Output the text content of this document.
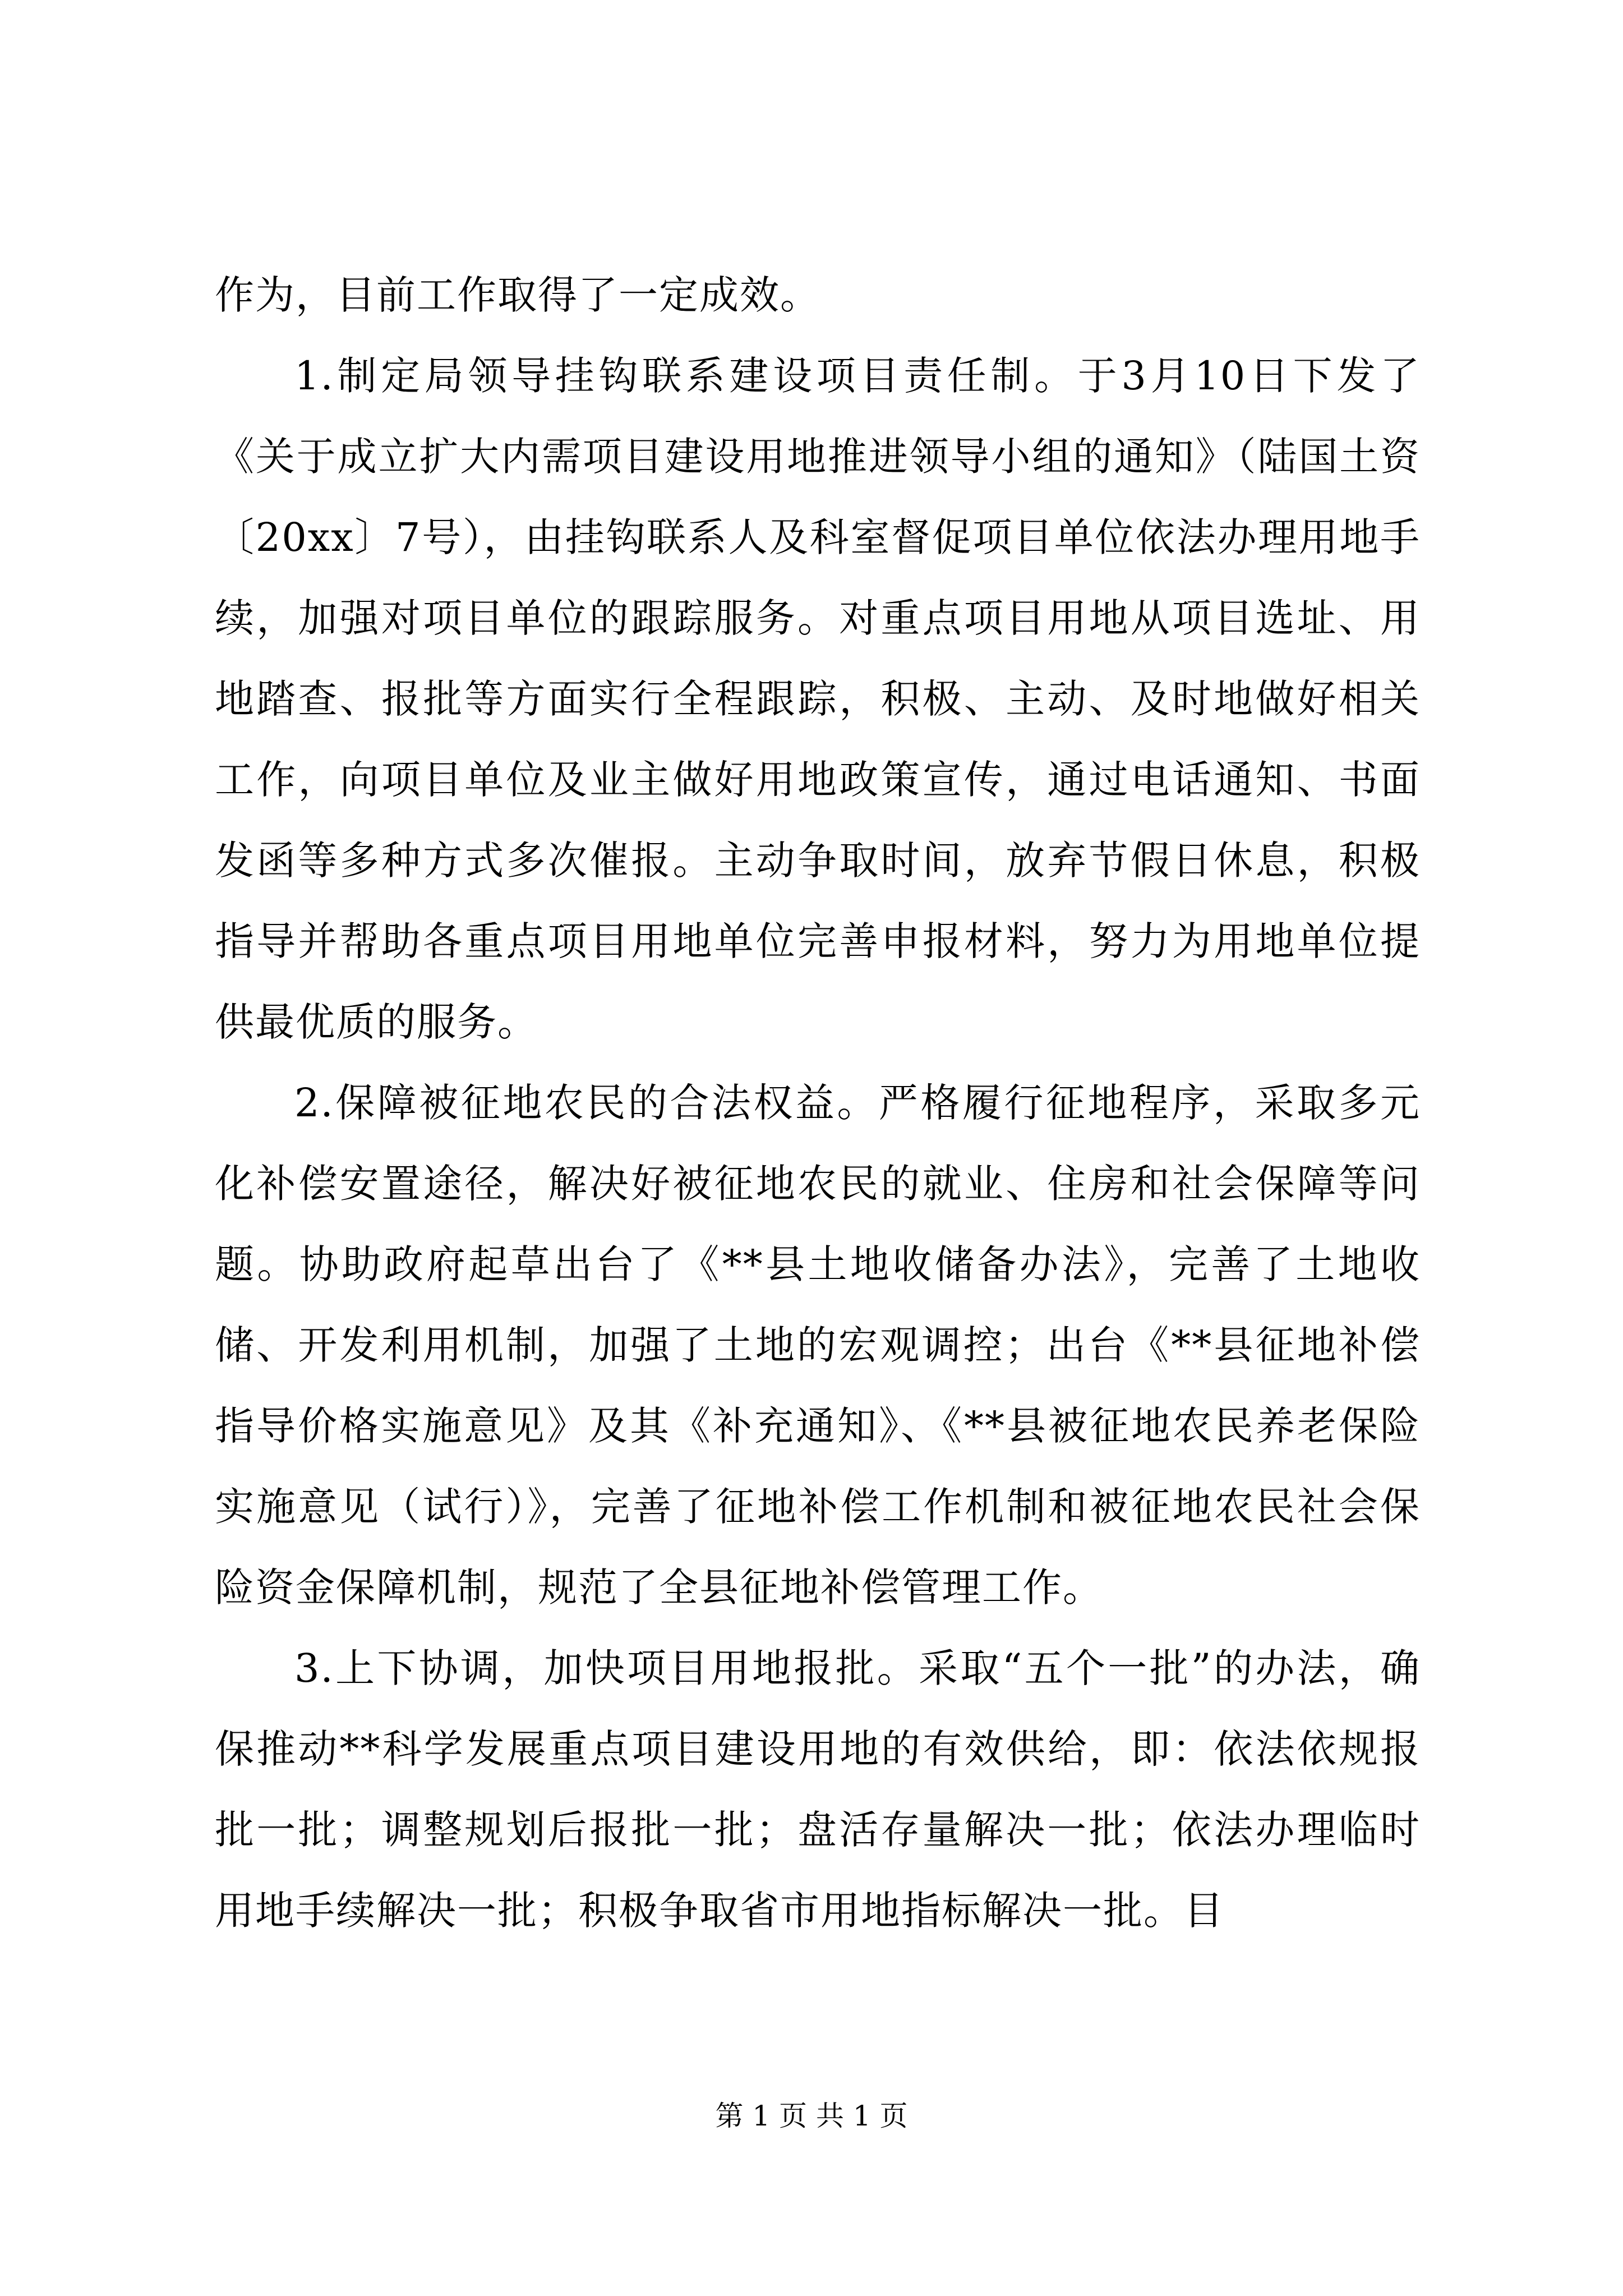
作为，目前工作取得了一定成效。

1.制定局领导挂钩联系建设项目责任制。于3月10日下发了《关于成立扩大内需项目建设用地推进领导小组的通知》（陆国土资〔20xx〕7号），由挂钩联系人及科室督促项目单位依法办理用地手续，加强对项目单位的跟踪服务。对重点项目用地从项目选址、用地踏查、报批等方面实行全程跟踪，积极、主动、及时地做好相关工作，向项目单位及业主做好用地政策宣传，通过电话通知、书面发函等多种方式多次催报。主动争取时间，放弃节假日休息，积极指导并帮助各重点项目用地单位完善申报材料，努力为用地单位提供最优质的服务。

2.保障被征地农民的合法权益。严格履行征地程序，采取多元化补偿安置途径，解决好被征地农民的就业、住房和社会保障等问题。协助政府起草出台了《**县土地收储备办法》，完善了土地收储、开发利用机制，加强了土地的宏观调控；出台《**县征地补偿指导价格实施意见》及其《补充通知》、《**县被征地农民养老保险实施意见（试行）》，完善了征地补偿工作机制和被征地农民社会保险资金保障机制，规范了全县征地补偿管理工作。

3.上下协调，加快项目用地报批。采取“五个一批”的办法，确保推动**科学发展重点项目建设用地的有效供给，即：依法依规报批一批；调整规划后报批一批；盘活存量解决一批；依法办理临时用地手续解决一批；积极争取省市用地指标解决一批。目

第 1 页 共 1 页
